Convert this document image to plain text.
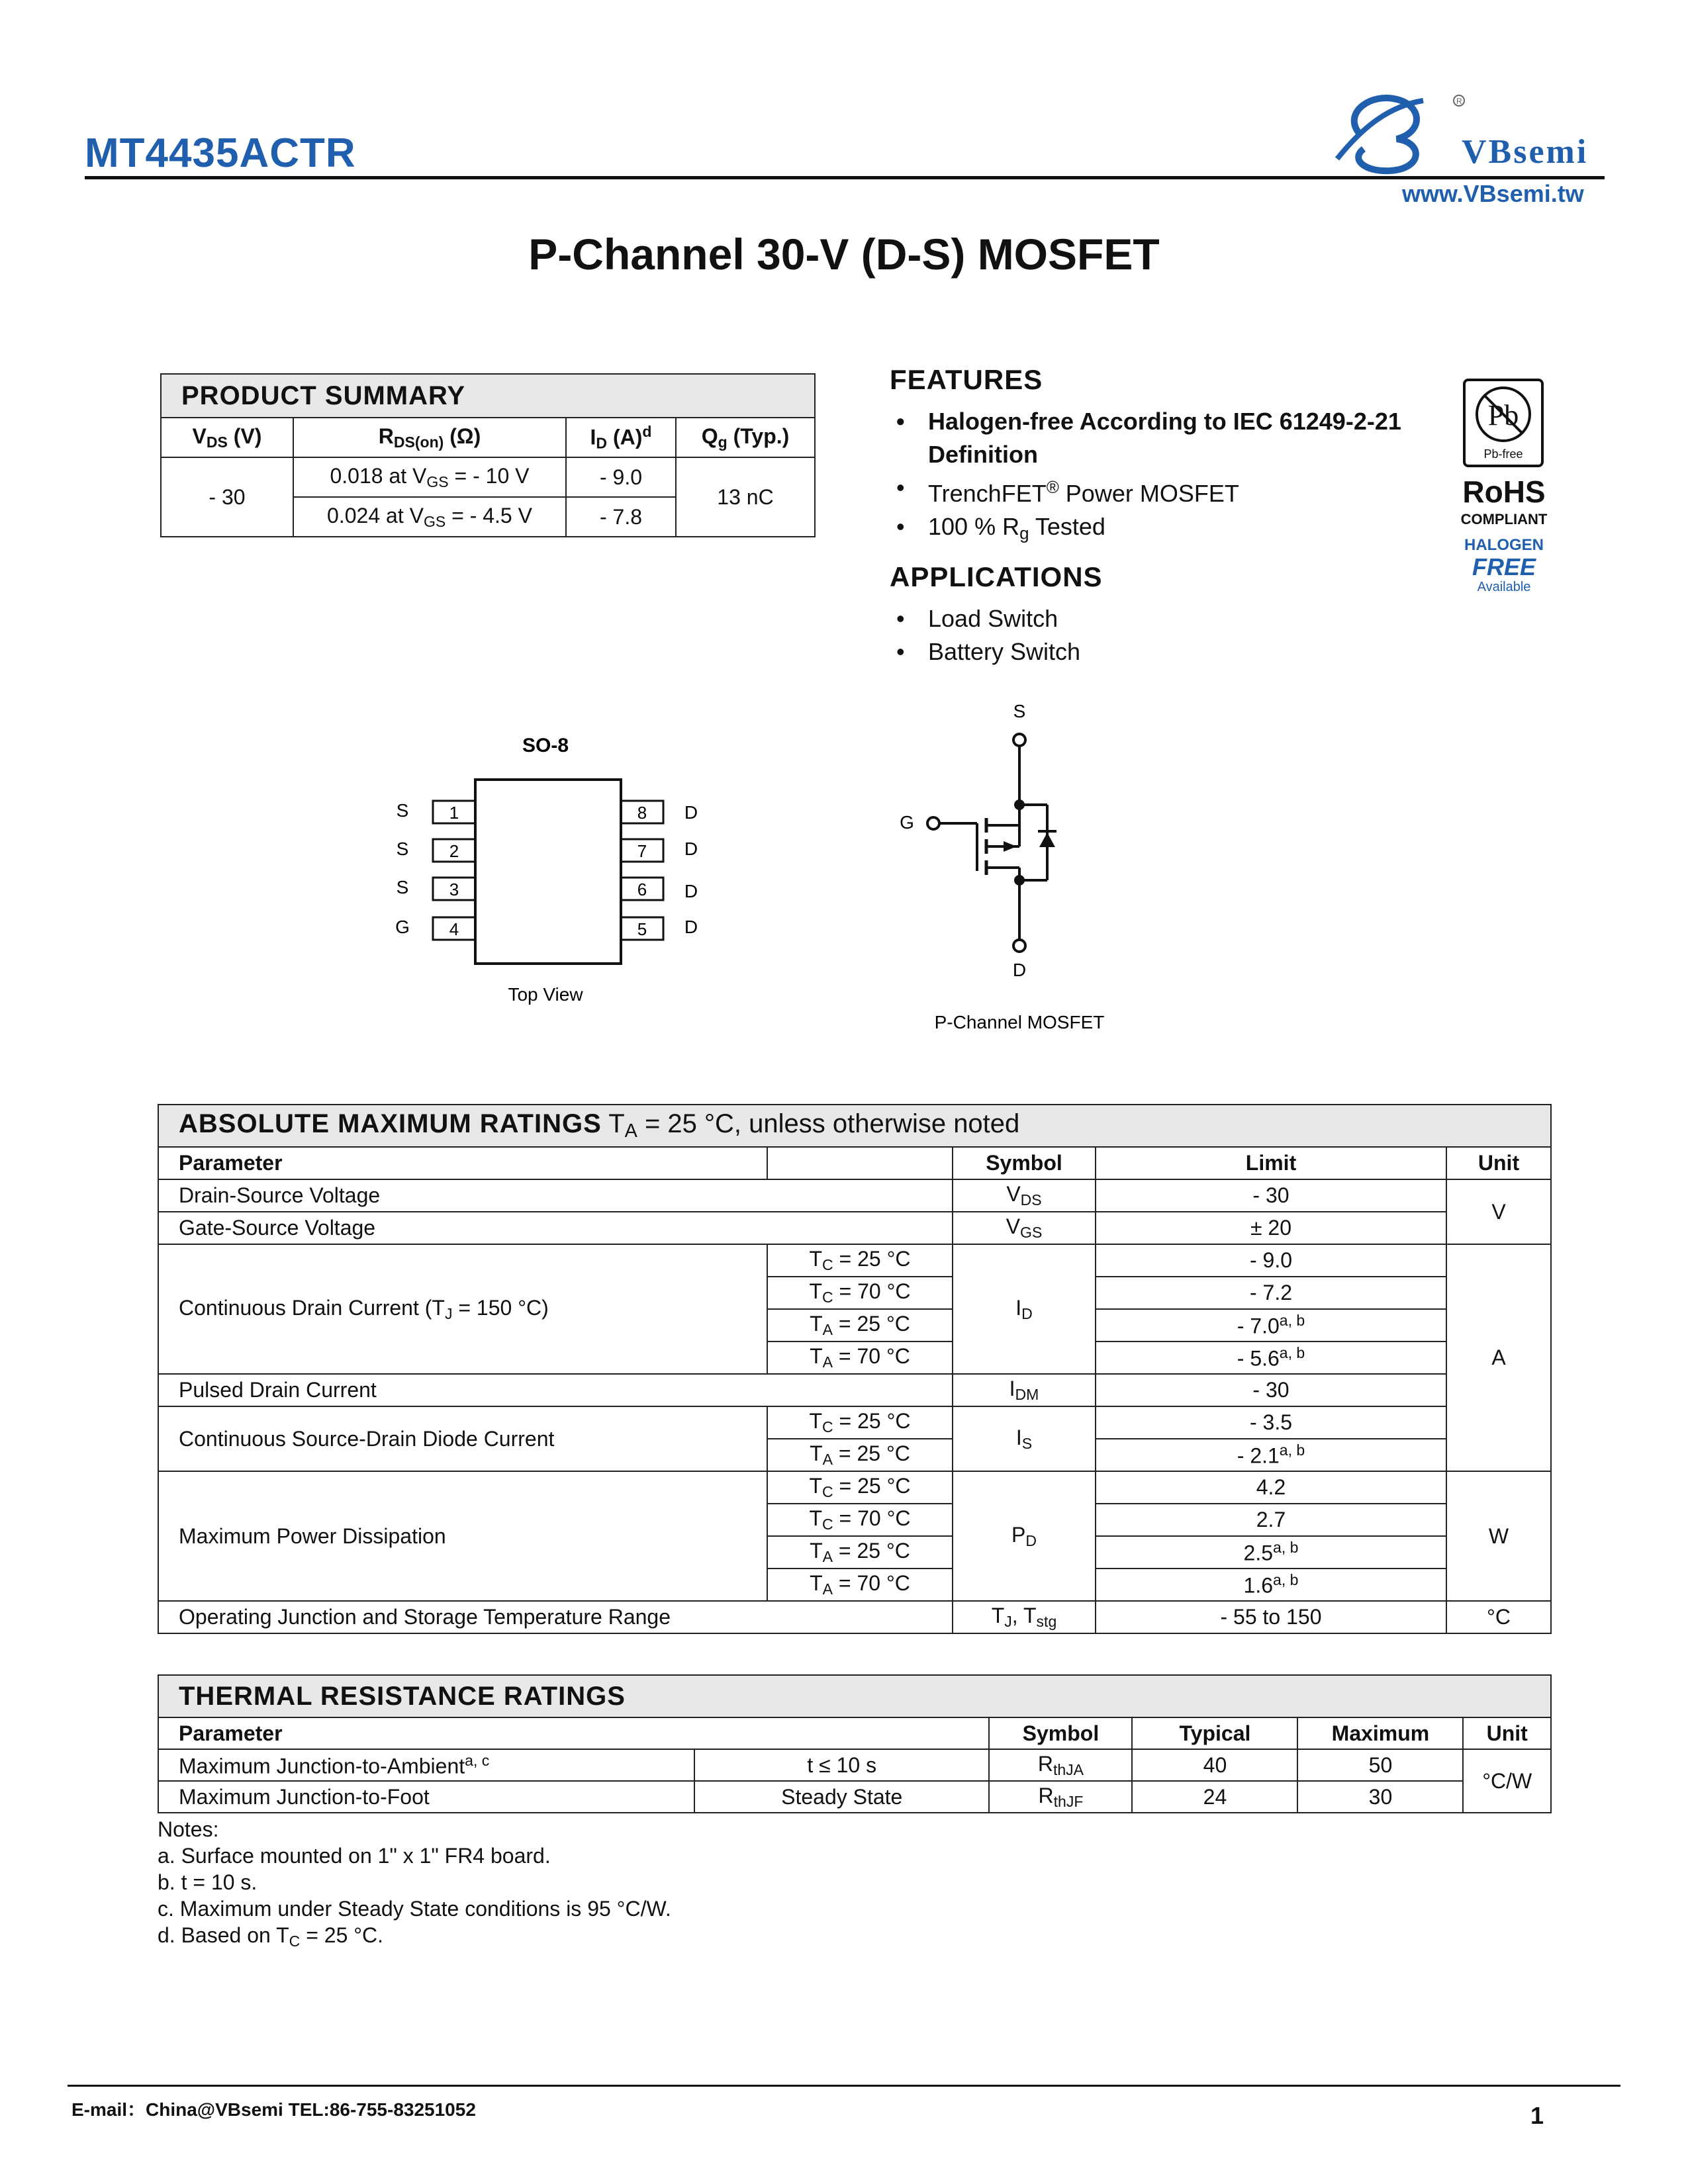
MT4435ACTR
R
VBsemi
www.VBsemi.tw
P-Channel 30-V (D-S) MOSFET
PRODUCT SUMMARY			
$V_{DS}$ (V)	$R_{DS(on)}$ (Ω)	$I_D$ $(A)^d$	$Q_g$ (Typ.)
- 30	0.018 at $V_{GS}$ = - 10 V	- 9.0	13 nC
	0.024 at $V_{GS}$ = - 4.5 V	- 7.8	
FEATURES
• Halogen-free According to IEC 61249-2-21
Definition
• TrenchFET® Power MOSFET
• 100 % $R_g$ Tested
APPLICATIONS
• Load Switch
• Battery Switch
Pb
Pb-free
RoHS
COMPLIANT
HALOGEN
FREE
Available
SO-8
1
2
3
4
S
S
S
G
8
7
6
5
D
D
D
D
Top View
S
G
D
P-Channel MOSFET
ABSOLUTE MAXIMUM RATINGS $T_A = 25$ °C, unless otherwise noted				
Parameter		Symbol	Limit	Unit
Drain-Source Voltage		$V_{DS}$	- 30	V
Gate-Source Voltage		$V_{GS}$	± 20	
Continuous Drain Current ($T_J = 150$ °C)	$T_C = 25$ °C	$I_D$	- 9.0	A
	$T_C = 70$ °C		- 7.2	
	$T_A = 25$ °C		- 7.0$^{a, b}$
	$T_A = 70$ °C		- 5.6$^{a, b}$
Pulsed Drain Current		$I_{DM}$	- 30	
Continuous Source-Drain Diode Current	$T_C = 25$ °C	$I_S$	- 3.5	
	$T_A = 25$ °C		- 2.1$^{a, b}$
Maximum Power Dissipation	$T_C = 25$ °C	$P_D$	4.2	W
	$T_C = 70$ °C		2.7	
	$T_A = 25$ °C		2.5$^{a, b}$
	$T_A = 70$ °C		1.6$^{a, b}$
Operating Junction and Storage Temperature Range		$T_J$, $T_{stg}$	- 55 to 150	°C
THERMAL RESISTANCE RATINGS					
Parameter		Symbol	Typical	Maximum	Unit
Maximum Junction-to-Ambient$^{a, c}$	t ≤ 10 s	$R_{thJA}$	40	50	°C/W
Maximum Junction-to-Foot	Steady State	$R_{thJF}$	24	30	
Notes:
a. Surface mounted on 1" x 1" FR4 board.
b. t = 10 s.
c. Maximum under Steady State conditions is 95 °C/W.
d. Based on $T_C = 25$ °C.
E-mail：China@VBsemi TEL:86-755-83251052	1
